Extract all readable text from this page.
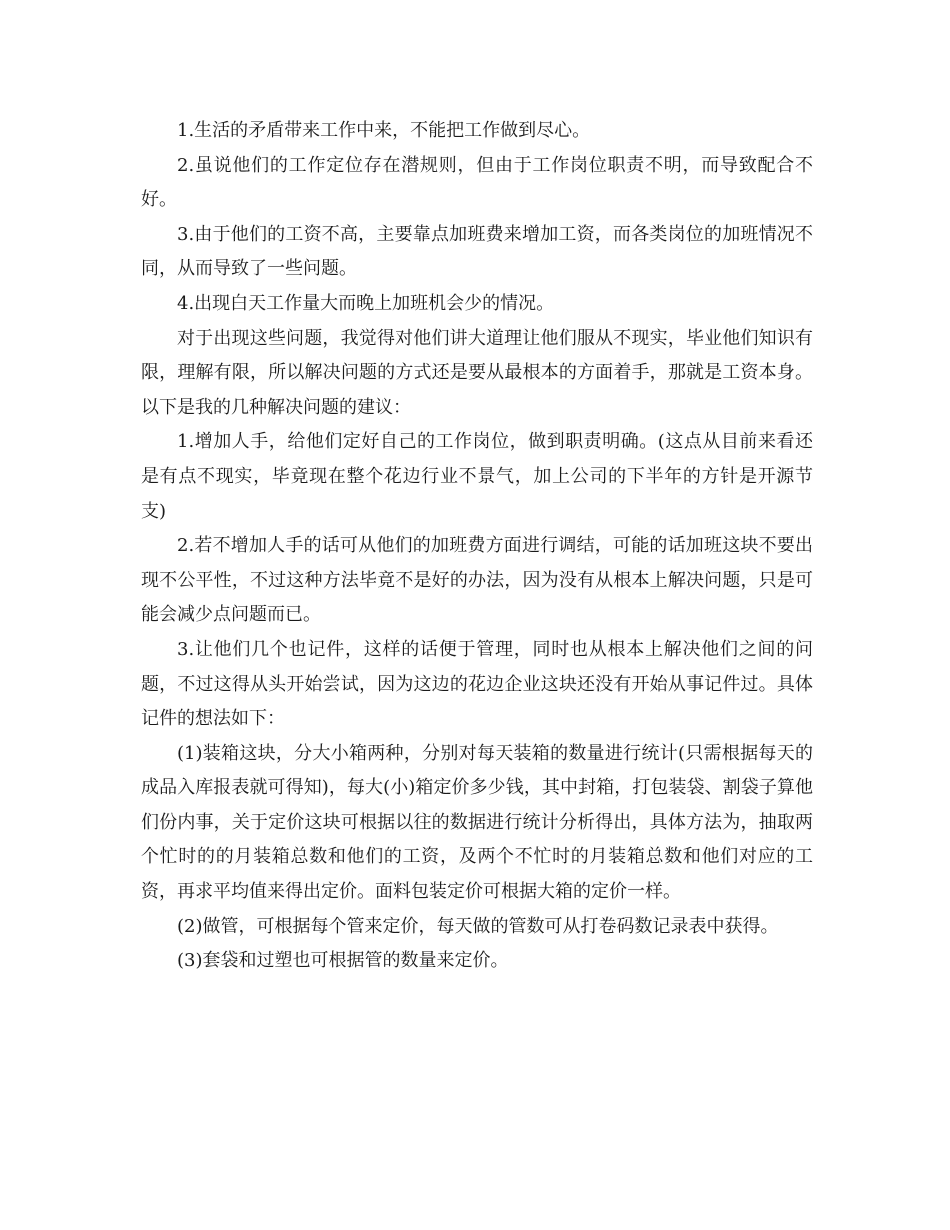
1.生活的矛盾带来工作中来，不能把工作做到尽心。

2.虽说他们的工作定位存在潜规则，但由于工作岗位职责不明，而导致配合不好。

3.由于他们的工资不高，主要靠点加班费来增加工资，而各类岗位的加班情况不同，从而导致了一些问题。

4.出现白天工作量大而晚上加班机会少的情况。

对于出现这些问题，我觉得对他们讲大道理让他们服从不现实，毕业他们知识有限，理解有限，所以解决问题的方式还是要从最根本的方面着手，那就是工资本身。以下是我的几种解决问题的建议：

1.增加人手，给他们定好自己的工作岗位，做到职责明确。(这点从目前来看还是有点不现实，毕竟现在整个花边行业不景气，加上公司的下半年的方针是开源节支)

2.若不增加人手的话可从他们的加班费方面进行调结，可能的话加班这块不要出现不公平性，不过这种方法毕竟不是好的办法，因为没有从根本上解决问题，只是可能会减少点问题而已。

3.让他们几个也记件，这样的话便于管理，同时也从根本上解决他们之间的问题，不过这得从头开始尝试，因为这边的花边企业这块还没有开始从事记件过。具体记件的想法如下：

(1)装箱这块，分大小箱两种，分别对每天装箱的数量进行统计(只需根据每天的成品入库报表就可得知)，每大(小)箱定价多少钱，其中封箱，打包装袋、割袋子算他们份内事，关于定价这块可根据以往的数据进行统计分析得出，具体方法为，抽取两个忙时的的月装箱总数和他们的工资，及两个不忙时的月装箱总数和他们对应的工资，再求平均值来得出定价。面料包装定价可根据大箱的定价一样。

(2)做管，可根据每个管来定价，每天做的管数可从打卷码数记录表中获得。

(3)套袋和过塑也可根据管的数量来定价。
